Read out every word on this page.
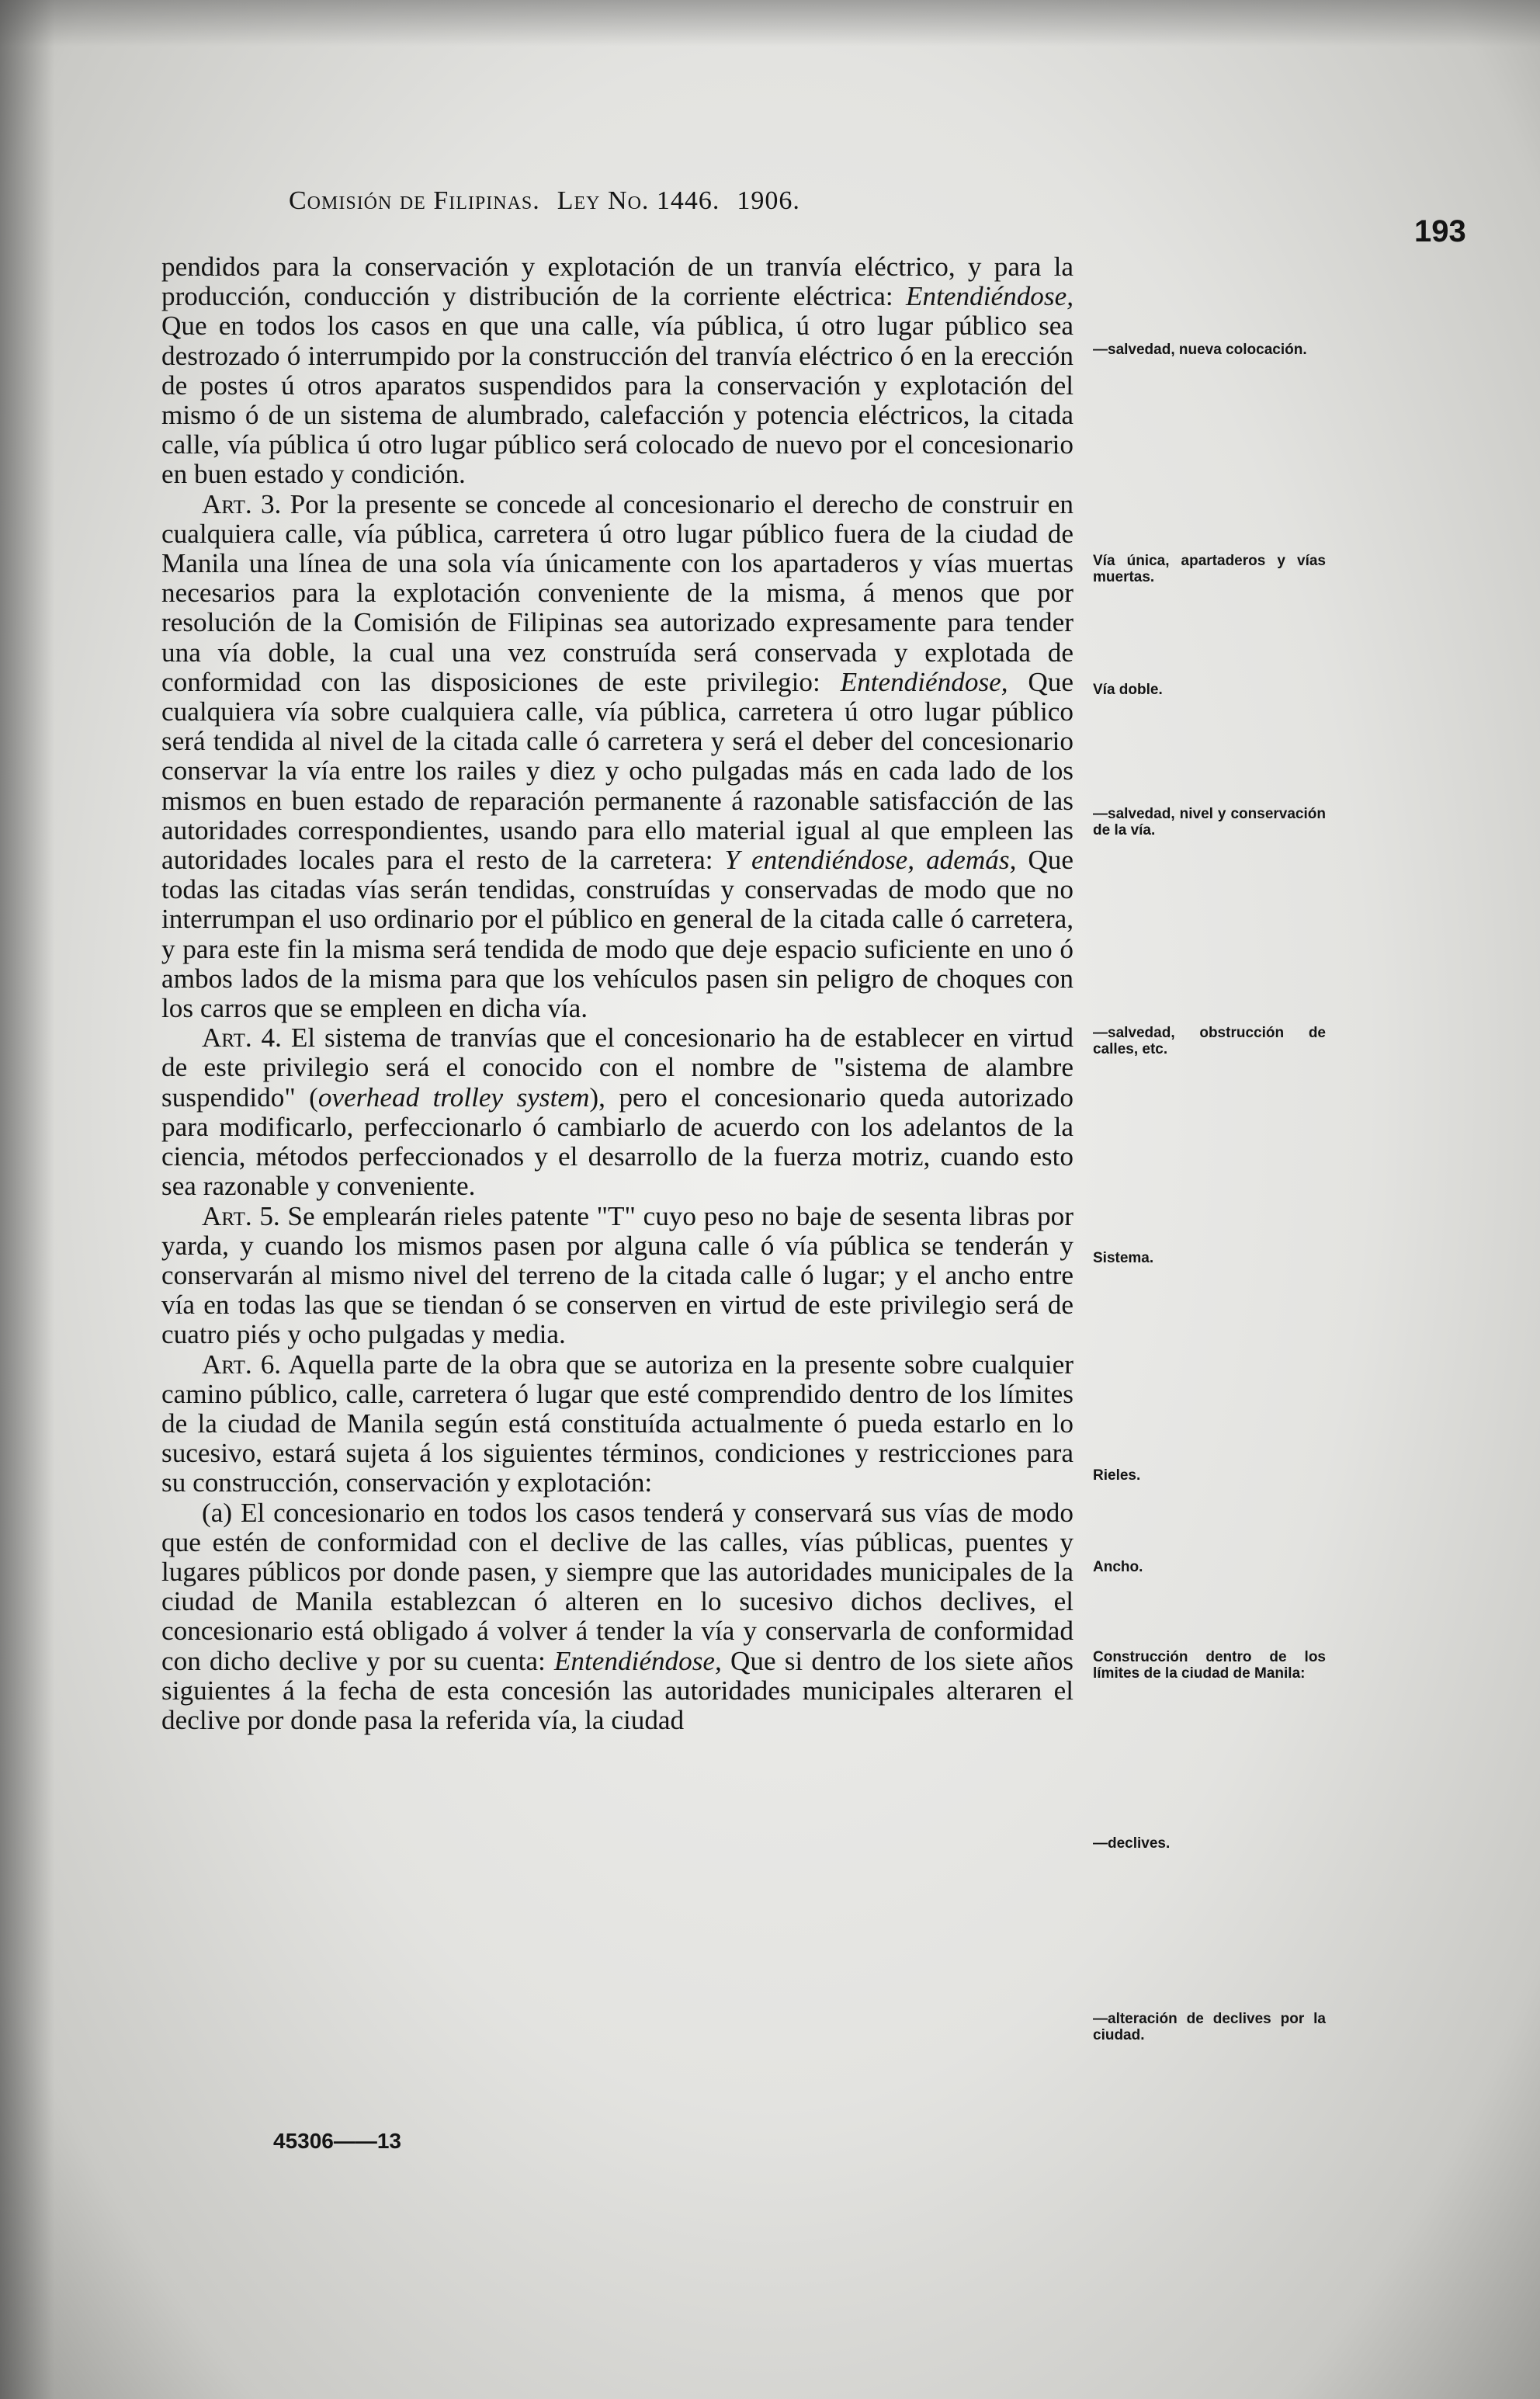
Comisión de Filipinas. Ley No. 1446. 1906.
193

pendidos para la conservación y explotación de un tranvía eléctrico, y para la producción, conducción y distribución de la corriente eléctrica: Entendiéndose, Que en todos los casos en que una calle, vía pública, ú otro lugar público sea destrozado ó interrumpido por la construcción del tranvía eléctrico ó en la erección de postes ú otros aparatos suspendidos para la conservación y explotación del mismo ó de un sistema de alumbrado, calefacción y potencia eléctricos, la citada calle, vía pública ú otro lugar público será colocado de nuevo por el concesionario en buen estado y condición.

Art. 3. Por la presente se concede al concesionario el derecho de construir en cualquiera calle, vía pública, carretera ú otro lugar público fuera de la ciudad de Manila una línea de una sola vía únicamente con los apartaderos y vías muertas necesarios para la explotación conveniente de la misma, á menos que por resolución de la Comisión de Filipinas sea autorizado expresamente para tender una vía doble, la cual una vez construída será conservada y explotada de conformidad con las disposiciones de este privilegio: Entendiéndose, Que cualquiera vía sobre cualquiera calle, vía pública, carretera ú otro lugar público será tendida al nivel de la citada calle ó carretera y será el deber del concesionario conservar la vía entre los railes y diez y ocho pulgadas más en cada lado de los mismos en buen estado de reparación permanente á razonable satisfacción de las autoridades correspondientes, usando para ello material igual al que empleen las autoridades locales para el resto de la carretera: Y entendiéndose, además, Que todas las citadas vías serán tendidas, construídas y conservadas de modo que no interrumpan el uso ordinario por el público en general de la citada calle ó carretera, y para este fin la misma será tendida de modo que deje espacio suficiente en uno ó ambos lados de la misma para que los vehículos pasen sin peligro de choques con los carros que se empleen en dicha vía.

Art. 4. El sistema de tranvías que el concesionario ha de establecer en virtud de este privilegio será el conocido con el nombre de "sistema de alambre suspendido" (overhead trolley system), pero el concesionario queda autorizado para modificarlo, perfeccionarlo ó cambiarlo de acuerdo con los adelantos de la ciencia, métodos perfeccionados y el desarrollo de la fuerza motriz, cuando esto sea razonable y conveniente.

Art. 5. Se emplearán rieles patente "T" cuyo peso no baje de sesenta libras por yarda, y cuando los mismos pasen por alguna calle ó vía pública se tenderán y conservarán al mismo nivel del terreno de la citada calle ó lugar; y el ancho entre vía en todas las que se tiendan ó se conserven en virtud de este privilegio será de cuatro piés y ocho pulgadas y media.

Art. 6. Aquella parte de la obra que se autoriza en la presente sobre cualquier camino público, calle, carretera ó lugar que esté comprendido dentro de los límites de la ciudad de Manila según está constituída actualmente ó pueda estarlo en lo sucesivo, estará sujeta á los siguientes términos, condiciones y restricciones para su construcción, conservación y explotación:

(a) El concesionario en todos los casos tenderá y conservará sus vías de modo que estén de conformidad con el declive de las calles, vías públicas, puentes y lugares públicos por donde pasen, y siempre que las autoridades municipales de la ciudad de Manila establezcan ó alteren en lo sucesivo dichos declives, el concesionario está obligado á volver á tender la vía y conservarla de conformidad con dicho declive y por su cuenta: Entendiéndose, Que si dentro de los siete años siguientes á la fecha de esta concesión las autoridades municipales alteraren el declive por donde pasa la referida vía, la ciudad

—salvedad, nueva colocación.
Vía única, apartaderos y vías muertas.
Vía doble.
—salvedad, nivel y conservación de la vía.
—salvedad, obstrucción de calles, etc.
Sistema.
Rieles.
Ancho.
Construcción dentro de los límites de la ciudad de Manila:
—declives.
—alteración de declives por la ciudad.
45306——13
